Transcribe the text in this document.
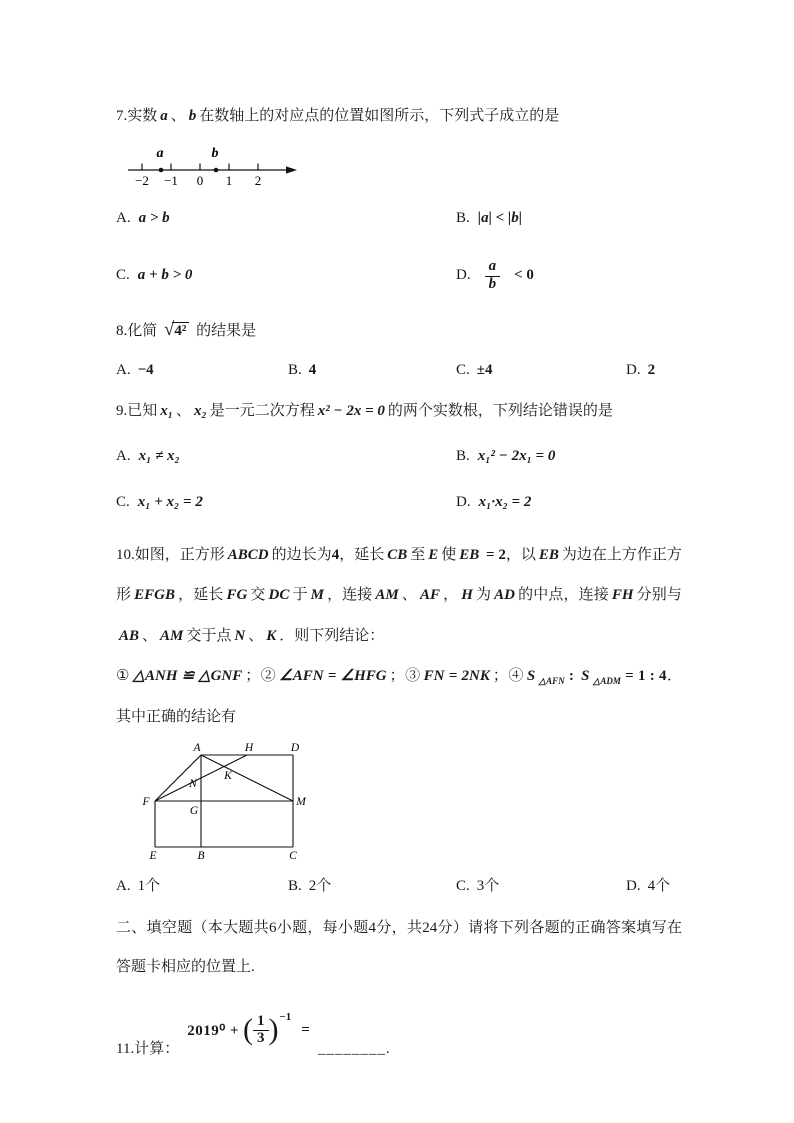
7.实数 a 、 b 在数轴上的对应点的位置如图所示，下列式子成立的是
a	b
−2 −1 0 1 2
A. a > b	B. |a| < |b|
C. a + b > 0	D. $\frac{a}{b} < 0$
8.化简 √4² 的结果是
A. −4	B. 4	C. ±4	D. 2
9.已知 x₁ 、 x₂ 是一元二次方程 x² − 2x = 0 的两个实数根，下列结论错误的是
A. x₁ ≠ x₂	B. x₁² − 2x₁ = 0
C. x₁ + x₂ = 2	D. x₁·x₂ = 2
10.如图，正方形 ABCD 的边长为4，延长 CB 至 E 使 EB = 2，以 EB 为边在上方作正方形 EFGB ，延长 FG 交 DC 于 M ，连接 AM 、 AF ， H 为 AD 的中点，连接 FH 分别与AB 、 AM 交于点 N 、 K ．则下列结论：
① △ANH ≌ △GNF ；② ∠AFN = ∠HFG ；③ FN = 2NK ；④ S $_{\triangle AFN}$ : S $_{\triangle ADM}$ = 1 : 4．其中正确的结论有
A	H	D
F	M
N
K
G
E	B	C
A. 1个	B. 2个	C. 3个	D. 4个
二、填空题（本大题共6小题，每小题4分，共24分）请将下列各题的正确答案填写在答题卡相应的位置上.
11.计算：
2019⁰ + ( $\frac{1}{3}$ ) −1
=
________ .
